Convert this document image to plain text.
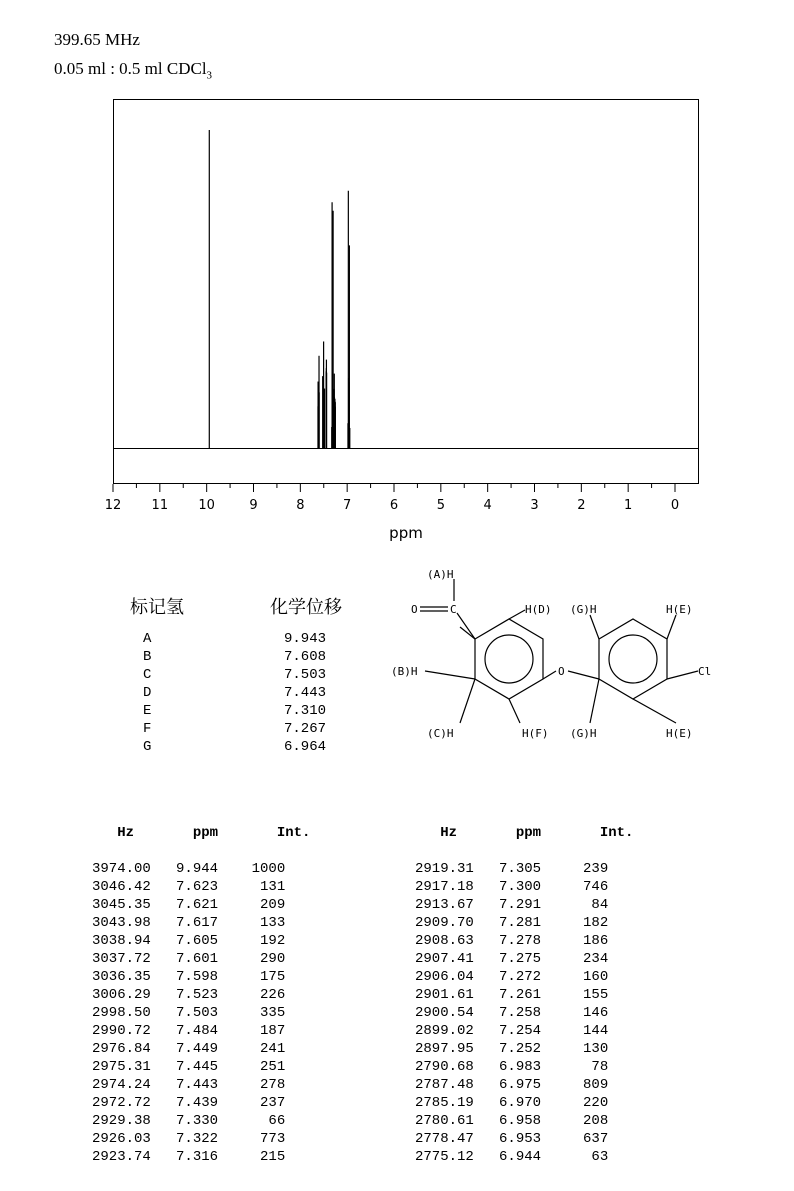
399.65 MHz
0.05 ml : 0.5 ml CDCl$_3$
12 11 10	9	8	7	6	5	4	3	2	1	0
ppm
标记氢	化学位移
A	9.943
B	7.608
C	7.503
D	7.443
E	7.310
F	7.267
G	6.964
(A)H
O	C	H(D) (G)H	H(E)
(B)H	O	Cl
(C)H	H(F) (G)H	H(E)
Hz       ppm       Int.

3974.00   9.944    1000
3046.42   7.623     131
3045.35   7.621     209
3043.98   7.617     133
3038.94   7.605     192
3037.72   7.601     290
3036.35   7.598     175
3006.29   7.523     226
2998.50   7.503     335
2990.72   7.484     187
2976.84   7.449     241
2975.31   7.445     251
2974.24   7.443     278
2972.72   7.439     237
2929.38   7.330      66
2926.03   7.322     773
2923.74   7.316     215
Hz       ppm       Int.

2919.31   7.305     239
2917.18   7.300     746
2913.67   7.291      84
2909.70   7.281     182
2908.63   7.278     186
2907.41   7.275     234
2906.04   7.272     160
2901.61   7.261     155
2900.54   7.258     146
2899.02   7.254     144
2897.95   7.252     130
2790.68   6.983      78
2787.48   6.975     809
2785.19   6.970     220
2780.61   6.958     208
2778.47   6.953     637
2775.12   6.944      63
